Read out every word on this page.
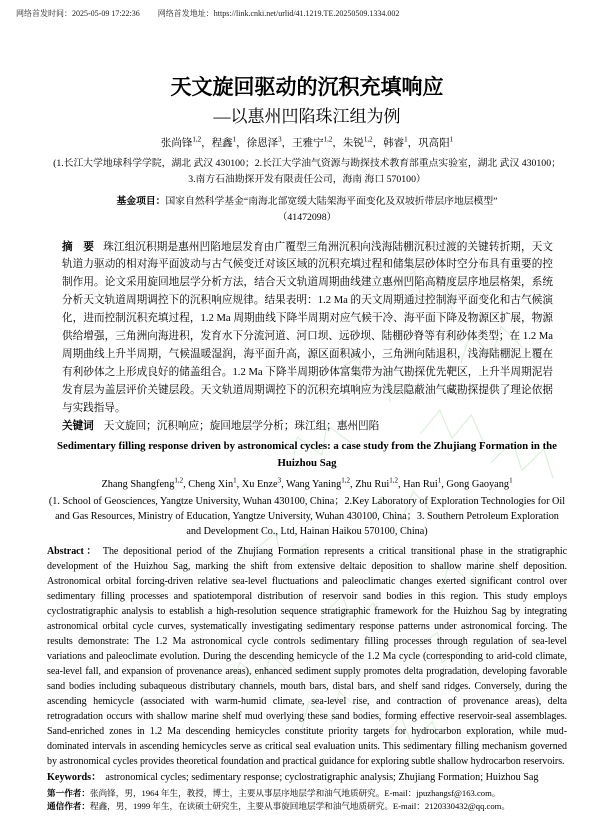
网络首发时间：2025-05-09 17:22:36 网络首发地址：https://link.cnki.net/urlid/41.1219.TE.20250509.1334.002
天文旋回驱动的沉积充填响应
—以惠州凹陷珠江组为例
张尚锋$^{1,2}$，程鑫$^1$，徐恩泽$^3$，王雅宁$^{1,2}$，朱锐$^{1,2}$，韩睿$^1$，巩高阳$^1$
(1.长江大学地球科学学院，湖北 武汉 430100；2.长江大学油气资源与勘探技术教育部重点实验室，湖北 武汉 430100；3.南方石油勘探开发有限责任公司，海南 海口 570100）
基金项目：国家自然科学基金“南海北部宽缓大陆架海平面变化及双坡折带层序地层模型”
（41472098）
摘　要 珠江组沉积期是惠州凹陷地层发育由广覆型三角洲沉积向浅海陆棚沉积过渡的关键转折期，天文轨道力驱动的相对海平面波动与古气候变迁对该区域的沉积充填过程和储集层砂体时空分布具有重要的控制作用。论文采用旋回地层学分析方法，结合天文轨道周期曲线建立惠州凹陷高精度层序地层格架，系统分析天文轨道周期调控下的沉积响应规律。结果表明：1.2 Ma 的天文周期通过控制海平面变化和古气候演化，进而控制沉积充填过程，1.2 Ma 周期曲线下降半周期对应气候干冷、海平面下降及物源区扩展，物源供给增强，三角洲向海进积，发育水下分流河道、河口坝、远砂坝、陆棚砂脊等有利砂体类型；在 1.2 Ma 周期曲线上升半周期，气候温暖湿润，海平面升高，源区面积减小，三角洲向陆退积，浅海陆棚泥上覆在有利砂体之上形成良好的储盖组合。1.2 Ma 下降半周期砂体富集带为油气勘探优先靶区，上升半周期泥岩发育层为盖层评价关键层段。天文轨道周期调控下的沉积充填响应为浅层隐蔽油气藏勘探提供了理论依据与实践指导。
关键词 天文旋回；沉积响应；旋回地层学分析；珠江组；惠州凹陷
Sedimentary filling response driven by astronomical cycles: a case study from the Zhujiang Formation in the Huizhou Sag
Zhang Shangfeng$^{1,2}$, Cheng Xin$^1$, Xu Enze$^3$, Wang Yaning$^{1,2}$, Zhu Rui$^{1,2}$, Han Rui$^1$, Gong Gaoyang$^1$
(1. School of Geosciences, Yangtze University, Wuhan 430100, China；2.Key Laboratory of Exploration Technologies for Oil and Gas Resources, Ministry of Education, Yangtze University, Wuhan 430100, China；3. Southern Petroleum Exploration and Development Co., Ltd, Hainan Haikou 570100, China)
Abstract： The depositional period of the Zhujiang Formation represents a critical transitional phase in the stratigraphic development of the Huizhou Sag, marking the shift from extensive deltaic deposition to shallow marine shelf deposition. Astronomical orbital forcing-driven relative sea-level fluctuations and paleoclimatic changes exerted significant control over sedimentary filling processes and spatiotemporal distribution of reservoir sand bodies in this region. This study employs cyclostratigraphic analysis to establish a high-resolution sequence stratigraphic framework for the Huizhou Sag by integrating astronomical orbital cycle curves, systematically investigating sedimentary response patterns under astronomical forcing. The results demonstrate: The 1.2 Ma astronomical cycle controls sedimentary filling processes through regulation of sea-level variations and paleoclimate evolution. During the descending hemicycle of the 1.2 Ma cycle (corresponding to arid-cold climate, sea-level fall, and expansion of provenance areas), enhanced sediment supply promotes delta progradation, developing favorable sand bodies including subaqueous distributary channels, mouth bars, distal bars, and shelf sand ridges. Conversely, during the ascending hemicycle (associated with warm-humid climate, sea-level rise, and contraction of provenance areas), delta retrogradation occurs with shallow marine shelf mud overlying these sand bodies, forming effective reservoir-seal assemblages. Sand-enriched zones in 1.2 Ma descending hemicycles constitute priority targets for hydrocarbon exploration, while mud-dominated intervals in ascending hemicycles serve as critical seal evaluation units. This sedimentary filling mechanism governed by astronomical cycles provides theoretical foundation and practical guidance for exploring subtle shallow hydrocarbon reservoirs.
Keywords： astronomical cycles; sedimentary response; cyclostratigraphic analysis; Zhujiang Formation; Huizhou Sag
第一作者：张尚锋，男，1964 年生，教授，博士，主要从事层序地层学和油气地质研究。E-mail：jpuzhangsf@163.com。
通信作者：程鑫，男，1999 年生，在读硕士研究生，主要从事旋回地层学和油气地质研究。E-mail：2120330432@qq.com。
